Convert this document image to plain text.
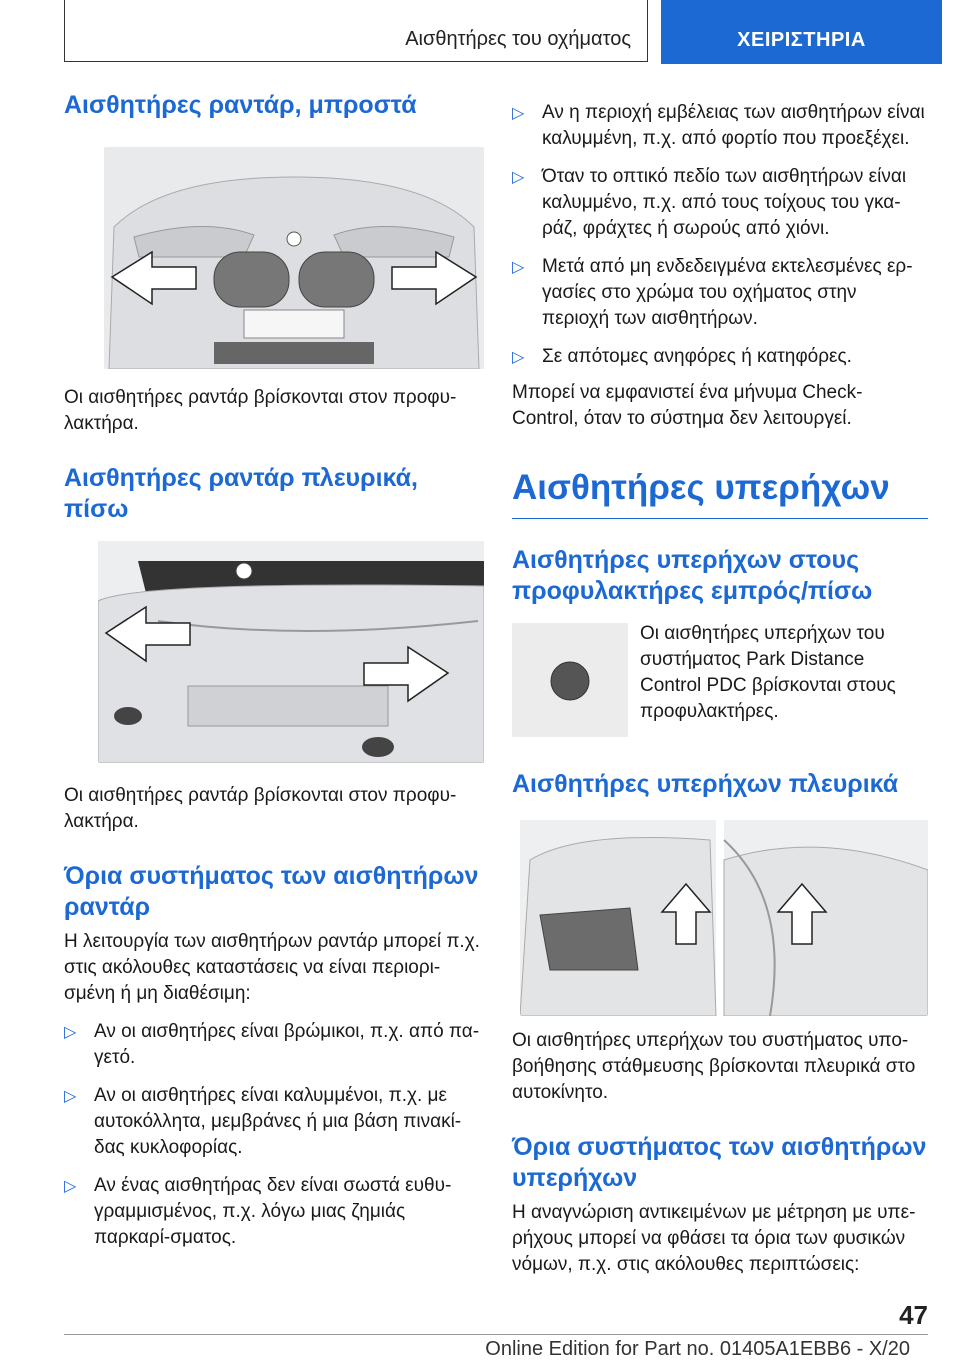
Αισθητήρες του οχήματος	ΧΕΙΡΙΣΤΗΡΙΑ
Αισθητήρες ραντάρ, μπροστά

Οι αισθητήρες ραντάρ βρίσκονται στον προφυ-λακτήρα.

Αισθητήρες ραντάρ πλευρικά, πίσω

Οι αισθητήρες ραντάρ βρίσκονται στον προφυ-λακτήρα.

Όρια συστήματος των αισθητήρων ραντάρ

Η λειτουργία των αισθητήρων ραντάρ μπορεί π.χ. στις ακόλουθες καταστάσεις να είναι περιορι-σμένη ή μη διαθέσιμη:

▷ Αν οι αισθητήρες είναι βρώμικοι, π.χ. από πα-γετό.
▷ Αν οι αισθητήρες είναι καλυμμένοι, π.χ. με αυτοκόλλητα, μεμβράνες ή μια βάση πινακί-δας κυκλοφορίας.
▷ Αν ένας αισθητήρας δεν είναι σωστά ευθυ-γραμμισμένος, π.χ. λόγω μιας ζημιάς παρκαρί-σματος.
▷ Αν η περιοχή εμβέλειας των αισθητήρων είναι καλυμμένη, π.χ. από φορτίο που προεξέχει.
▷ Όταν το οπτικό πεδίο των αισθητήρων είναι καλυμμένο, π.χ. από τους τοίχους του γκα-ράζ, φράχτες ή σωρούς από χιόνι.
▷ Μετά από μη ενδεδειγμένα εκτελεσμένες ερ-γασίες στο χρώμα του οχήματος στην περιοχή των αισθητήρων.
▷ Σε απότομες ανηφόρες ή κατηφόρες.

Μπορεί να εμφανιστεί ένα μήνυμα Check-Control, όταν το σύστημα δεν λειτουργεί.

Αισθητήρες υπερήχων
Αισθητήρες υπερήχων στους προφυλακτήρες εμπρός/πίσω

Οι αισθητήρες υπερήχων του συστήματος Park Distance Control PDC βρίσκονται στους προφυλακτήρες.

Αισθητήρες υπερήχων πλευρικά

Οι αισθητήρες υπερήχων του συστήματος υπο-βοήθησης στάθμευσης βρίσκονται πλευρικά στο αυτοκίνητο.

Όρια συστήματος των αισθητήρων υπερήχων

Η αναγνώριση αντικειμένων με μέτρηση με υπε-ρήχους μπορεί να φθάσει τα όρια των φυσικών νόμων, π.χ. στις ακόλουθες περιπτώσεις:

47
Online Edition for Part no. 01405A1EBB6 - X/20
